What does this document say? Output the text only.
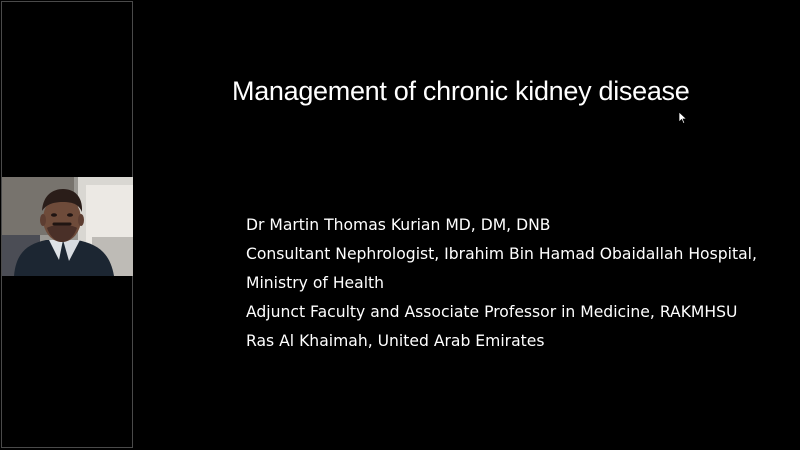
Management of chronic kidney disease
Dr Martin Thomas Kurian MD, DM, DNB
Consultant Nephrologist, Ibrahim Bin Hamad Obaidallah Hospital,
Ministry of Health
Adjunct Faculty and Associate Professor in Medicine, RAKMHSU
Ras Al Khaimah, United Arab Emirates
